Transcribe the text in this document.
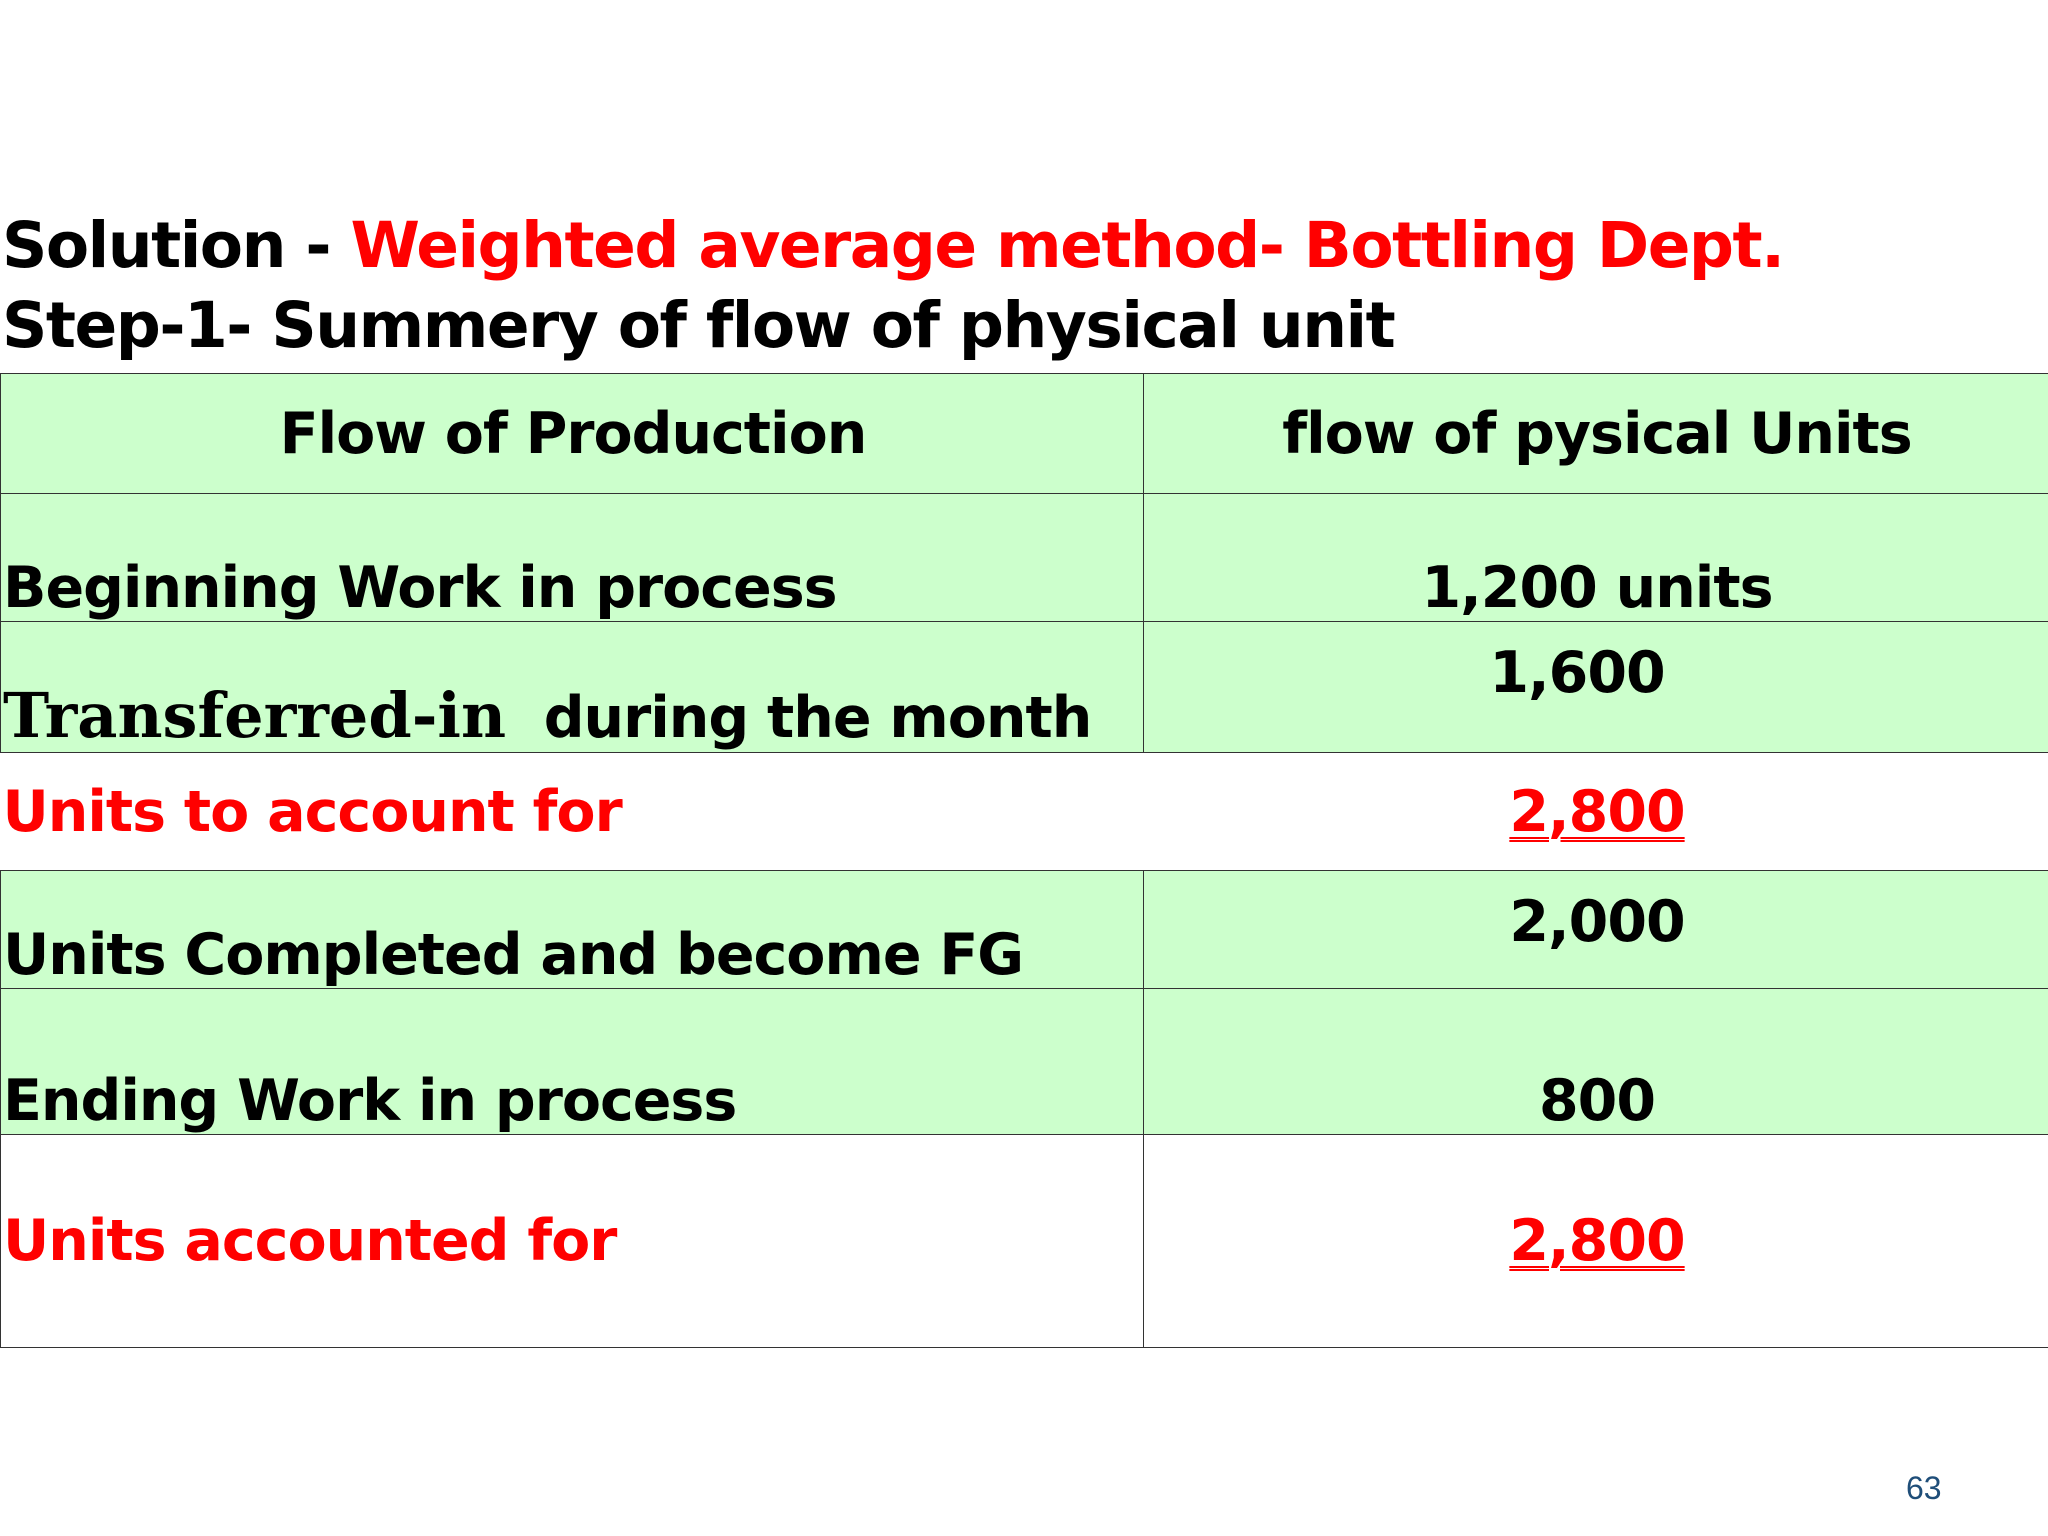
Solution - Weighted average method- Bottling Dept.
Step-1- Summery of flow of physical unit
Flow of Production	flow of pysical Units
Beginning Work in process	1,200 units
Transferred-in  during the month	1,600
Units to account for	2,800
Units Completed and become FG	2,000
Ending Work in process	800
Units accounted for	2,800
63
